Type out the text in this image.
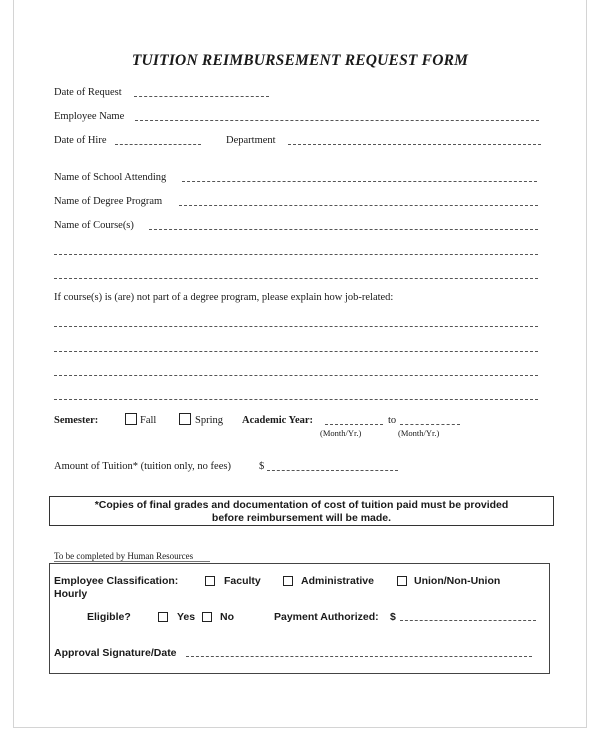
TUITION REIMBURSEMENT REQUEST FORM
Date of Request
Employee Name
Date of Hire	Department
Name of School Attending
Name of Degree Program
Name of Course(s)
If course(s) is (are) not part of a degree program, please explain how job-related:
Semester:	Fall	Spring Academic Year:	to
(Month/Yr.)	(Month/Yr.)
Amount of Tuition* (tuition only, no fees)	$
*Copies of final grades and documentation of cost of tuition paid must be provided
before reimbursement will be made.
To be completed by Human Resources
Employee Classification:	Faculty	Administrative	Union/Non-Union
Hourly
Eligible?	Yes No	Payment Authorized: $
Approval Signature/Date
